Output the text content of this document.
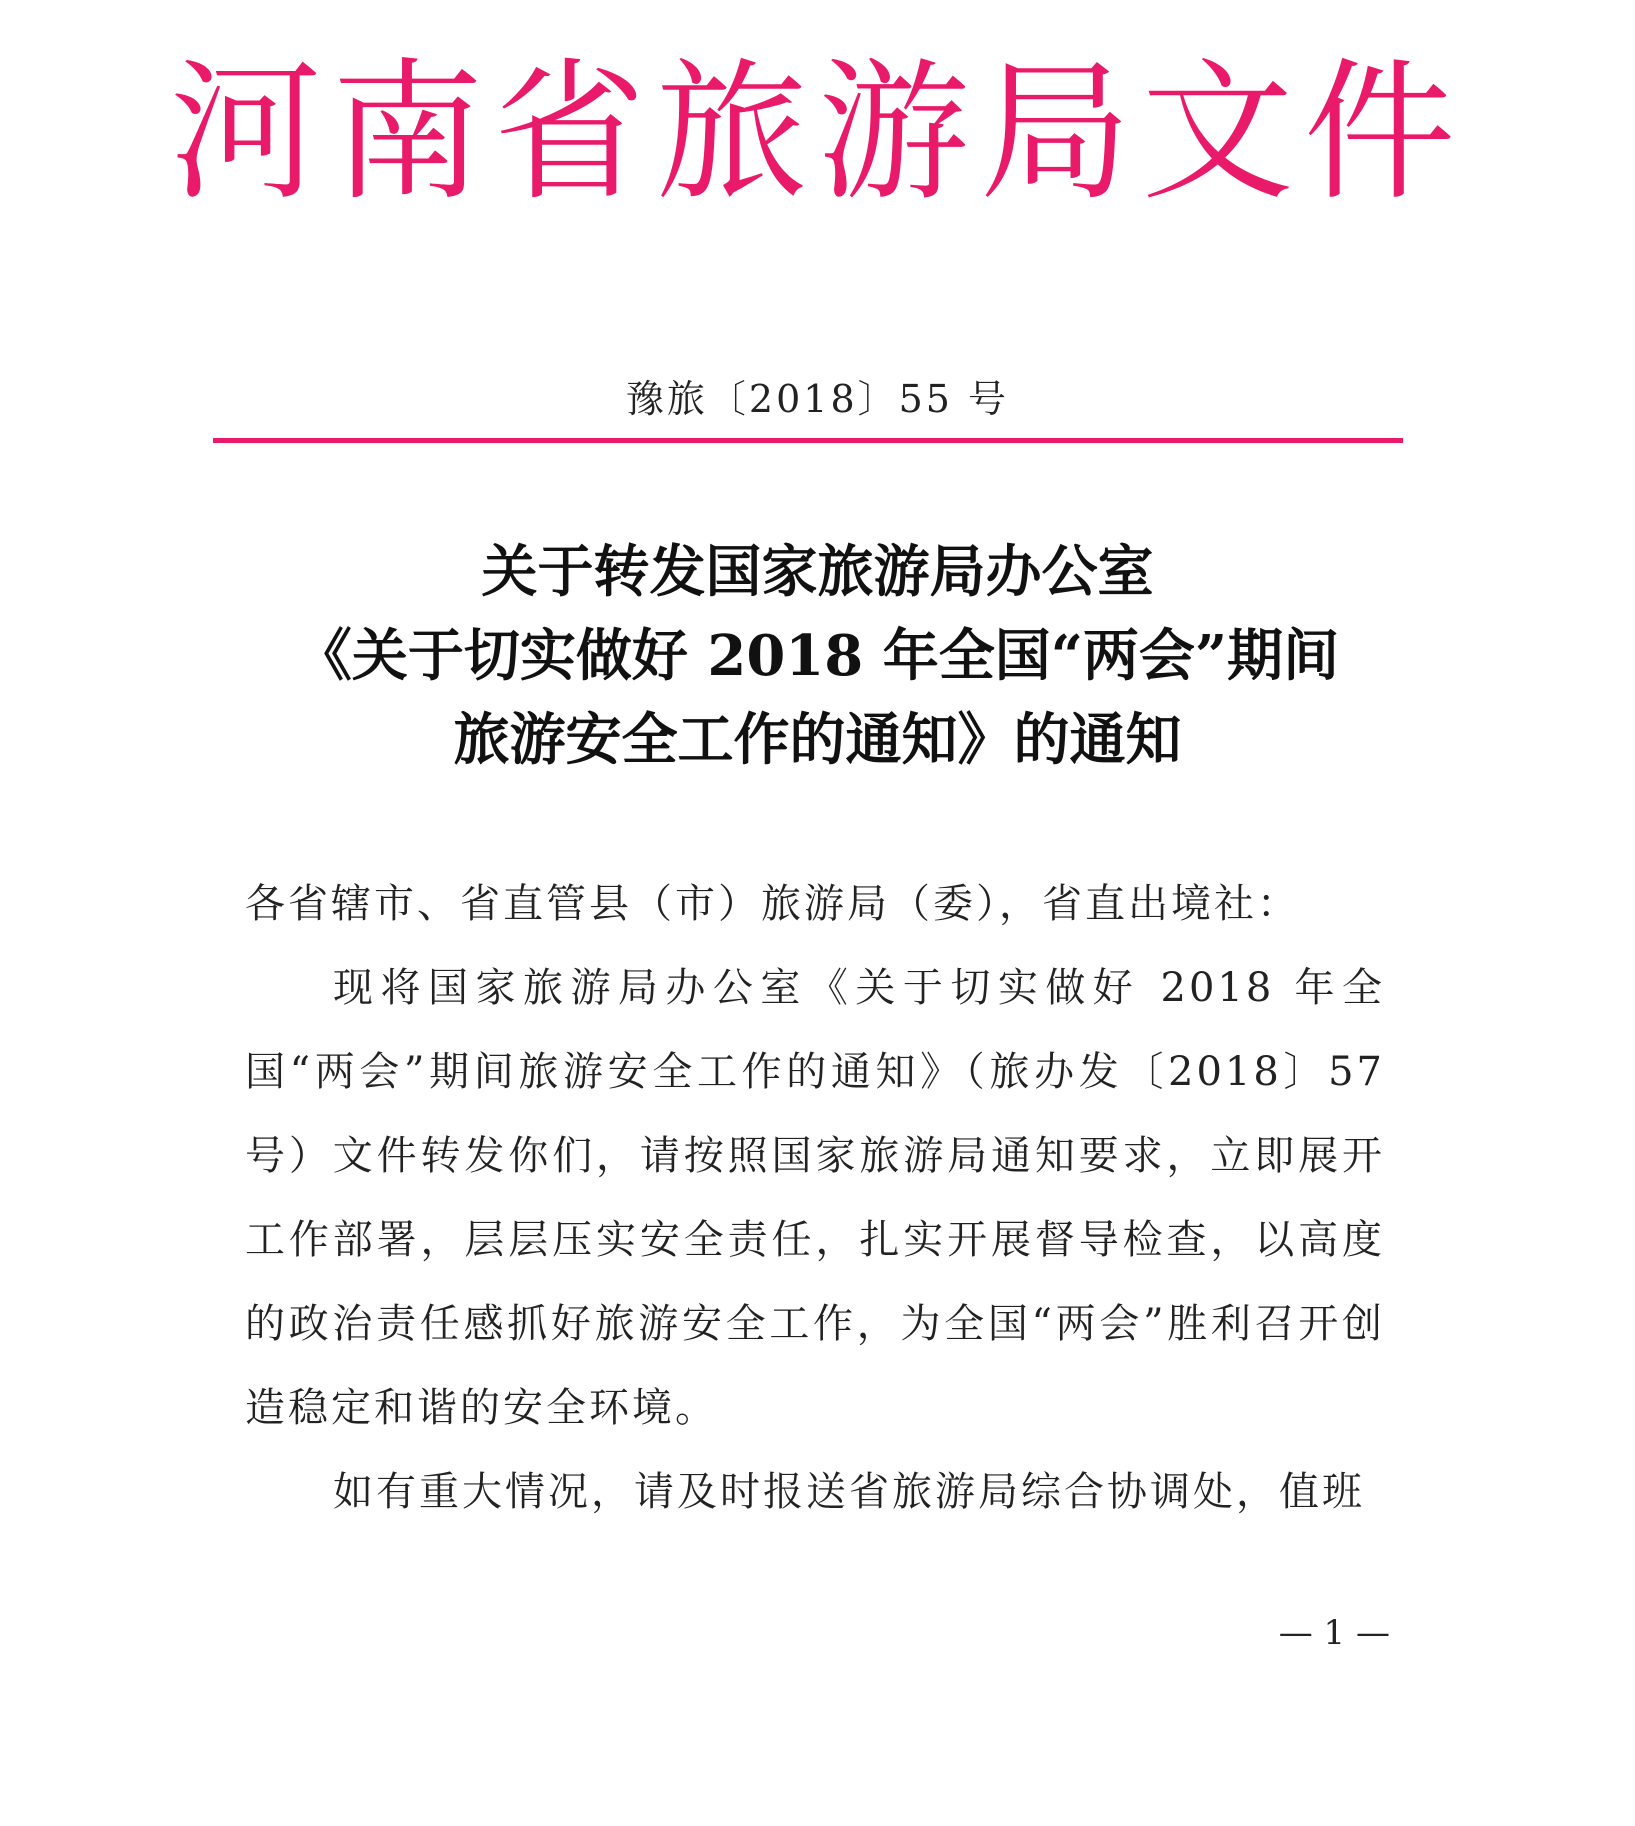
河南省旅游局文件
豫旅〔2018〕55 号
关于转发国家旅游局办公室
《关于切实做好 2018 年全国“两会”期间
旅游安全工作的通知》的通知

各省辖市、省直管县（市）旅游局（委），省直出境社：

现将国家旅游局办公室《关于切实做好 2018 年全国“两会”期间旅游安全工作的通知》（旅办发〔2018〕57 号）文件转发你们，请按照国家旅游局通知要求，立即展开工作部署，层层压实安全责任，扎实开展督导检查，以高度的政治责任感抓好旅游安全工作，为全国“两会”胜利召开创造稳定和谐的安全环境。

如有重大情况，请及时报送省旅游局综合协调处，值班

— 1 —
